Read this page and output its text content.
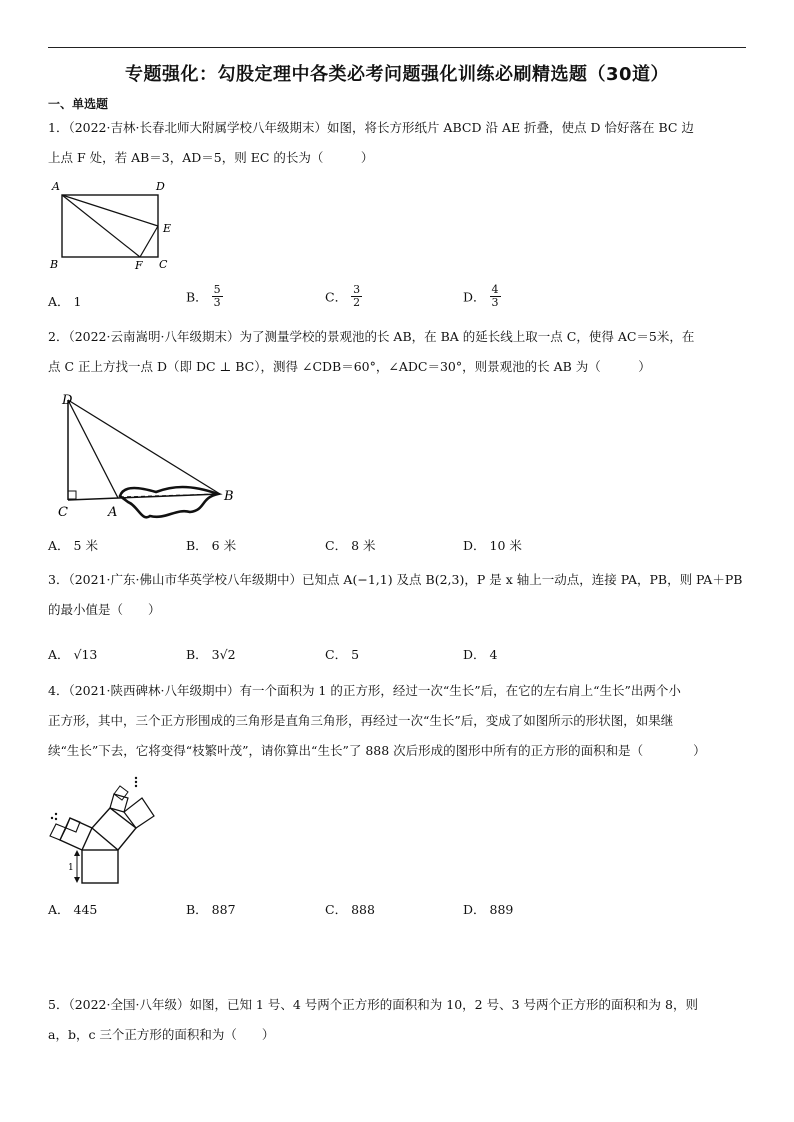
专题强化：勾股定理中各类必考问题强化训练必刷精选题（30道）
一、单选题
1．（2022·吉林·长春北师大附属学校八年级期末）如图，将长方形纸片 ABCD 沿 AE 折叠，使点 D 恰好落在 BC 边
上点 F 处，若 AB＝3，AD＝5，则 EC 的长为（　　　）
A	D
E
B	F C
A． 1	B． $\frac{5}{3}$	C． $\frac{3}{2}$	D． $\frac{4}{3}$
2．（2022·云南嵩明·八年级期末）为了测量学校的景观池的长 AB，在 BA 的延长线上取一点 C，使得 AC＝5米，在
点 C 正上方找一点 D（即 DC ⊥ BC），测得 ∠CDB＝60°，∠ADC＝30°，则景观池的长 AB 为（　　　）
D
C	A
B
A． 5 米	B． 6 米	C． 8 米	D． 10 米
3．（2021·广东·佛山市华英学校八年级期中）已知点 A(−1,1) 及点 B(2,3)，P 是 x 轴上一动点，连接 PA，PB，则 PA＋PB
的最小值是（　　）
A． √13	B． 3√2	C． 5	D． 4
4．（2021·陕西碑林·八年级期中）有一个面积为 1 的正方形，经过一次“生长”后，在它的左右肩上“生长”出两个小
正方形，其中，三个正方形围成的三角形是直角三角形，再经过一次“生长”后，变成了如图所示的形状图，如果继
续“生长”下去，它将变得“枝繁叶茂”，请你算出“生长”了 888 次后形成的图形中所有的正方形的面积和是（　　　　）
1
A． 445	B． 887	C． 888	D． 889
5．（2022·全国·八年级）如图，已知 1 号、4 号两个正方形的面积和为 10，2 号、3 号两个正方形的面积和为 8，则
a，b，c 三个正方形的面积和为（　　）
